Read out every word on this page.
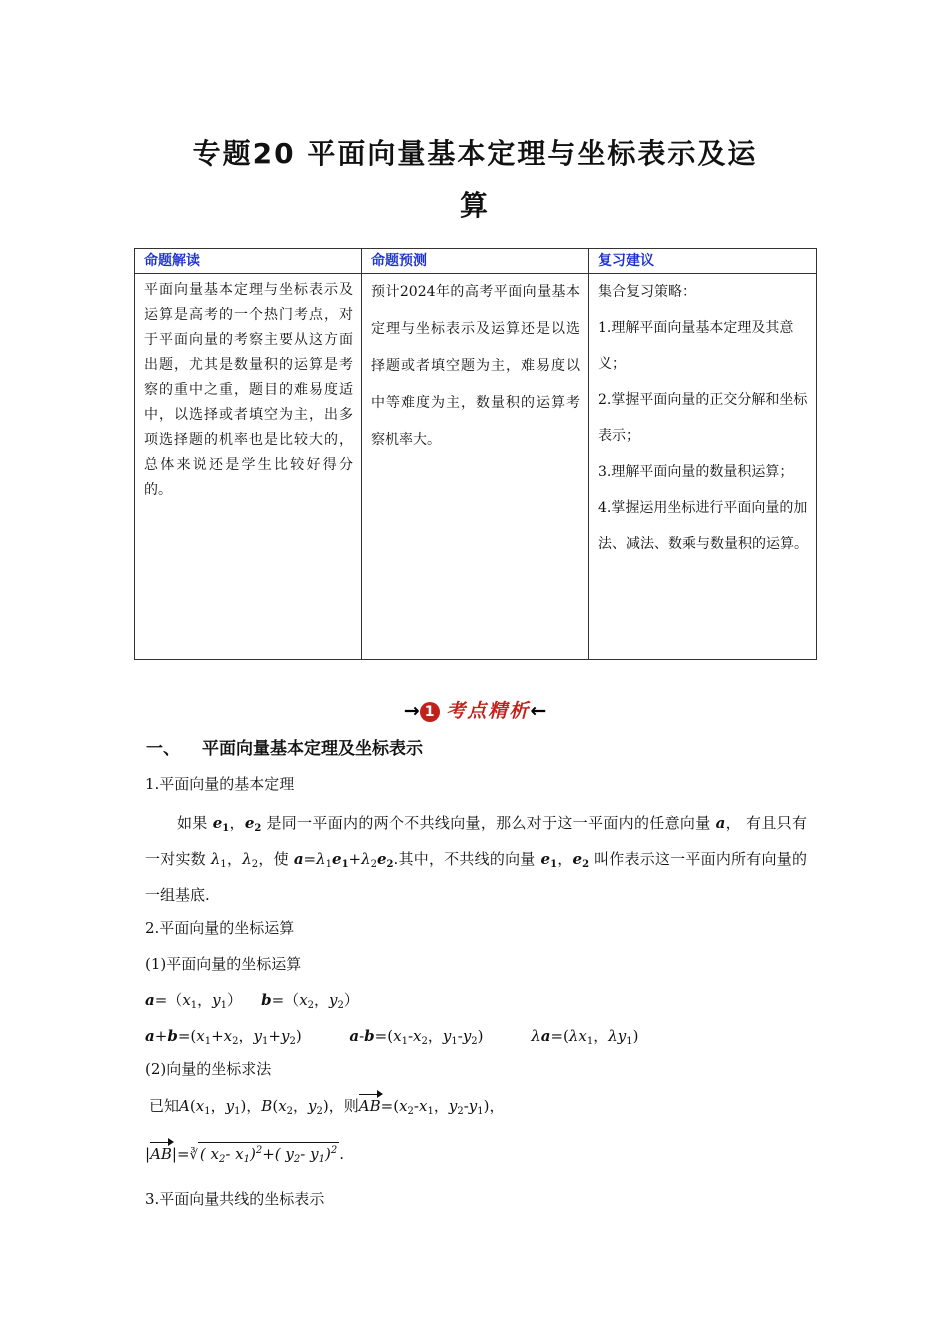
专题20 平面向量基本定理与坐标表示及运
算
命题解读	命题预测	复习建议
平面向量基本定理与坐标表示及运算是高考的一个热门考点，对于平面向量的考察主要从这方面出题，尤其是数量积的运算是考察的重中之重，题目的难易度适中，以选择或者填空为主，出多项选择题的机率也是比较大的，总体来说还是学生比较好得分的。	预计2024年的高考平面向量基本定理与坐标表示及运算还是以选择题或者填空题为主，难易度以中等难度为主，数量积的运算考察机率大。	集合复习策略：
1.理解平面向量基本定理及其意义；
2.掌握平面向量的正交分解和坐标表示；
3.理解平面向量的数量积运算；
4.掌握运用坐标进行平面向量的加法、减法、数乘与数量积的运算。
→ 1 考点精析←
一、 平面向量基本定理及坐标表示
1.平面向量的基本定理
如果 $e_1$，$e_2$ 是同一平面内的两个不共线向量，那么对于这一平面内的任意向量 a， 有且只有一对实数 $\lambda_1$，$\lambda_2$，使 $a=\lambda_1e_1+\lambda_2e_2$.其中，不共线的向量 $e_1$，$e_2$ 叫作表示这一平面内所有向量的一组基底.
2.平面向量的坐标运算
(1)平面向量的坐标运算
$a=(x_1$，$y_1$）    $b=(x_2$，$y_2$）
$a+b=(x_1+x_2$，$y_1+y_2$)          $a-b=(x_1-x_2$，$y_1-y_2$)          $\lambda a=(\lambda x_1$，$\lambda y_1$)
(2)向量的坐标求法
已知$A(x_1$，$y_1$)，$B(x_2$，$y_2$)，则$AB=(x_2-x_1$，$y_2-y_1$)，
|AB|=∛ ( $x_2-$ $x_1)^2+$( $y_2-$ $y_1)^2$ .
3.平面向量共线的坐标表示
